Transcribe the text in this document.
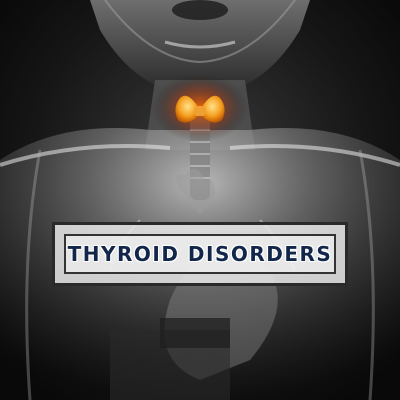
THYROID DISORDERS
